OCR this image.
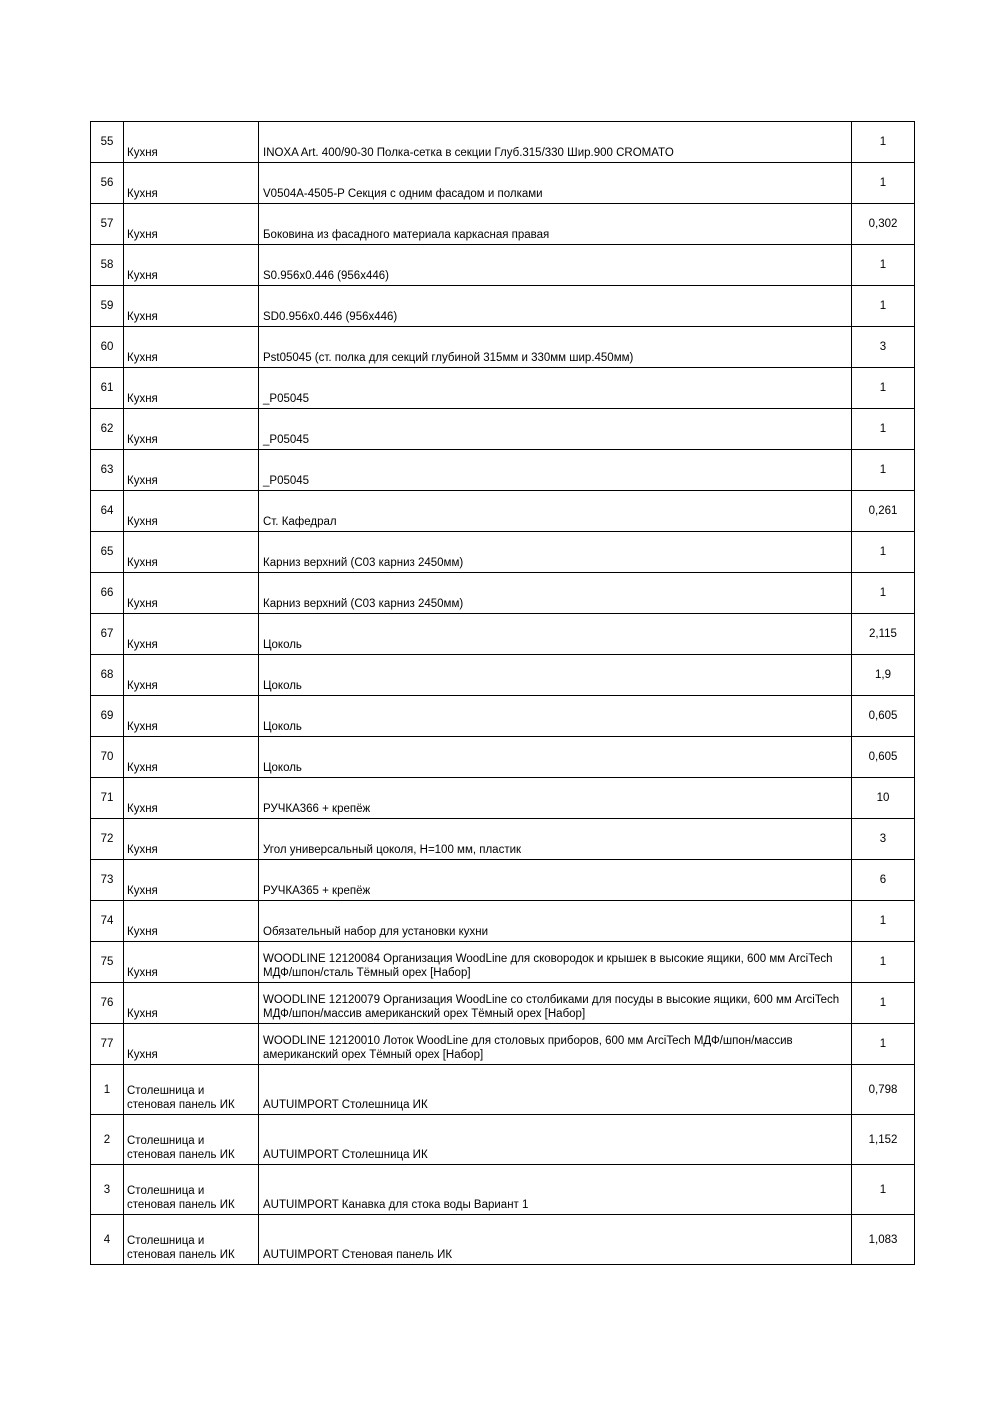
55	Кухня	INOXA Art. 400/90-30 Полка-сетка в секции Глуб.315/330 Шир.900 CROMATO	1
56	Кухня	V0504A-4505-P Секция с одним фасадом и полками	1
57	Кухня	Боковина из фасадного материала каркасная правая	0,302
58	Кухня	S0.956x0.446 (956x446)	1
59	Кухня	SD0.956x0.446 (956x446)	1
60	Кухня	Pst05045 (ст. полка для секций глубиной 315мм и 330мм шир.450мм)	3
61	Кухня	_P05045	1
62	Кухня	_P05045	1
63	Кухня	_P05045	1
64	Кухня	Ст. Кафедрал	0,261
65	Кухня	Карниз верхний (С03 карниз 2450мм)	1
66	Кухня	Карниз верхний (С03 карниз 2450мм)	1
67	Кухня	Цоколь	2,115
68	Кухня	Цоколь	1,9
69	Кухня	Цоколь	0,605
70	Кухня	Цоколь	0,605
71	Кухня	РУЧКА366 + крепёж	10
72	Кухня	Угол универсальный цоколя, H=100 мм, пластик	3
73	Кухня	РУЧКА365 + крепёж	6
74	Кухня	Обязательный набор для установки кухни	1
75	Кухня	WOODLINE 12120084 Организация WoodLine для сковородок и крышек в высокие ящики, 600 мм ArciTech МДФ/шпон/сталь Тёмный орех [Набор]	1
76	Кухня	WOODLINE 12120079 Организация WoodLine со столбиками для посуды в высокие ящики, 600 мм ArciTech МДФ/шпон/массив американский орех Тёмный орех [Набор]	1
77	Кухня	WOODLINE 12120010 Лоток WoodLine для столовых приборов, 600 мм ArciTech МДФ/шпон/массив американский орех Тёмный орех [Набор]	1
1	Столешница и стеновая панель ИК	AUTUIMPORT Столешница ИК	0,798
2	Столешница и стеновая панель ИК	AUTUIMPORT Столешница ИК	1,152
3	Столешница и стеновая панель ИК	AUTUIMPORT Канавка для стока воды Вариант 1	1
4	Столешница и стеновая панель ИК	AUTUIMPORT Стеновая панель ИК	1,083
